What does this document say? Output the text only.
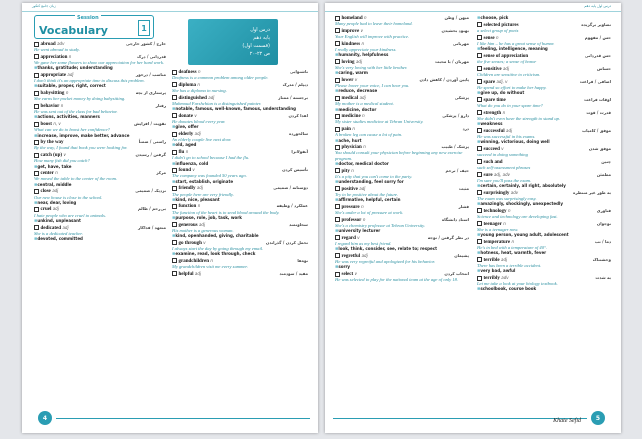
زبان جامع کنکور
Session
Vocabulary	1	درس اول
پایه دهم
(قسمت اول)
ص ۲۲-۲۰
abroad adv	خارج / کشور خارجی
He went abroad to study.
appreciation n	قدردانی / درک
We gave her some flowers to show our appreciation for her hard work.
≡ thanks, gratitude; understanding
appropriate adj	مناسب / درخور
I don't think it's an appropriate time to discuss this problem.
≡ suitable, proper, right, correct
babysitting n	پرستاری از بچه
She earns her pocket money by doing babysitting.
behavior n	رفتار
He was sent out of the class for bad behavior.
≡ actions, activities, manners
boost n, v	تقویت / افزایش
What can we do to boost her confidence?
≡ increase, improve, make better, advance
by the way	راستی / ضمناً
By the way, I found that book you were looking for.
catch (up) v	گرفتن / رسیدن
How many fish did you catch?
≡ get, have, take
center n	مرکز
We moved the table to the center of the room.
≡ central, middle
close adj	نزدیک / صمیمی
Our new house is close to the school.
≡ near, dear, loving
cruel adj	بی‌رحم / ظالم
I hate people who are cruel to animals.
≡ unkind, unpleasant
dedicated adj	متعهد / فداکار
She is a dedicated teacher.
≡ devoted, committed
deafness n	ناشنوایی
Deafness is a common problem among older people.
diploma n	دیپلم / مدرک
She has a diploma in nursing.
distinguished adj	برجسته / ممتاز
Mahmoud Farshchian is a distinguished painter.
≡ notable, famous, well-known, famous, understanding
donate v	اهدا کردن
He donates blood every year.
≡ give, offer
elderly adj	سالخورده
An elderly couple live next door.
≡ old, aged
flu n	آنفولانزا
I didn't go to school because I had the flu.
≡ influenza, cold
found v	تأسیس کردن
The company was founded 50 years ago.
≡ start, establish, originate
friendly adj	دوستانه / صمیمی
The people here are very friendly.
≡ kind, nice, pleasant
function n	عملکرد / وظیفه
The function of the heart is to send blood around the body.
≡ purpose, role, job, task, work
generous adj	سخاوتمند
His mother is a generous woman.
≡ kind, openhanded, giving, charitable
go through v	تحمل کردن / گذراندن
I always start the day by going through my email.
≡ examine, read, look through, check
grandchildren n	نوه‌ها
My grandchildren visit me every summer.
helpful adj	مفید / سودمند
4
درس اول پایه دهم
homeland n	میهن / وطن
Many people had to leave their homeland.
improve v	بهبود بخشیدن
Your English will improve with practice.
kindness n	مهربانی
I really appreciate your kindness.
≡ humanity, helpfulness
loving adj	مهربان / با محبت
She's very loving with her little brother.
≡ caring, warm
lower v	پایین آوردن / کاهش دادن
Please lower your voice, I can hear you.
≡ reduce, decrease
medical adj	پزشکی
My mother is a medical student.
≡ medicine, doctor
medicine n	دارو / پزشکی
My sister studies medicine at Tehran University.
pain n	درد
A broken leg can cause a lot of pain.
≡ ache, hurt
physician n	پزشک / طبیب
You should consult your physician before beginning any new exercise program.
≡ doctor, medical doctor
pity n	حیف / ترحم
It's a pity that you can't come to the party.
≡ understanding, feel sorry for
positive adj	مثبت
Try to be positive about the future.
≡ affirmative, helpful, certain
pressure n	فشار
She's under a lot of pressure at work.
professor n	استاد دانشگاه
She's a chemistry professor at Tehran University.
≡ university lecturer
regard v	در نظر گرفتن / توجه
I regard him as my best friend.
≡ look, think, consider, see, relate to; respect
regretful adj	پشیمان
He was very regretful and apologized for his behavior.
≡ sorry
select v	انتخاب کردن
He was selected to play for the national team at the age of only 18.
≡ choose, pick
selected pictures	تصاویر برگزیده
a select group of poets
sense n	حس / مفهوم
I like him – he has a great sense of humor.
≡ feeling, intelligence, meaning
sense of appreciation	حس قدردانی
the five senses; a sense of honor
sensitive adj	حساس
Children are sensitive to criticism.
spare adj, v	اضافی / فراغت
He spend so effort to make her happy.
≡ give up, do without
spare time	اوقات فراغت
What do you do in your spare time?
strength n	قدرت / قوت
She didn't even have the strength to stand up.
≡ weakness
successful adj	موفق / کامیاب
He was successful in his exams.
≡ winning, victorious, doing well
succeed v	موفق شدن
succeed in doing something
such and	چنین
such self-assessment phrases
sure adj, adv	مطمئن
I'm sure you'll pass the exam.
≡ certain, certainly, all right, absolutely
surprisingly adv	به طور غیر منتظره
The exam was surprisingly easy.
≡ amazingly, shockingly, unexpectedly
technology n	فناوری
Science and technology are developing fast.
teenager n	نوجوان
She is a teenager now.
≡ young person, young adult, adolescent
temperature n	دما / تب
He's in bed with a temperature of 40°.
≡ hotness, heat, warmth, fever
terrible adj	وحشتناک
There has been a terrible accident.
≡ very bad, awful
terribly adv	به شدت
Let me take a look at your biology textbook.
≡ schoolbook, course book
Khate Sefid	5
